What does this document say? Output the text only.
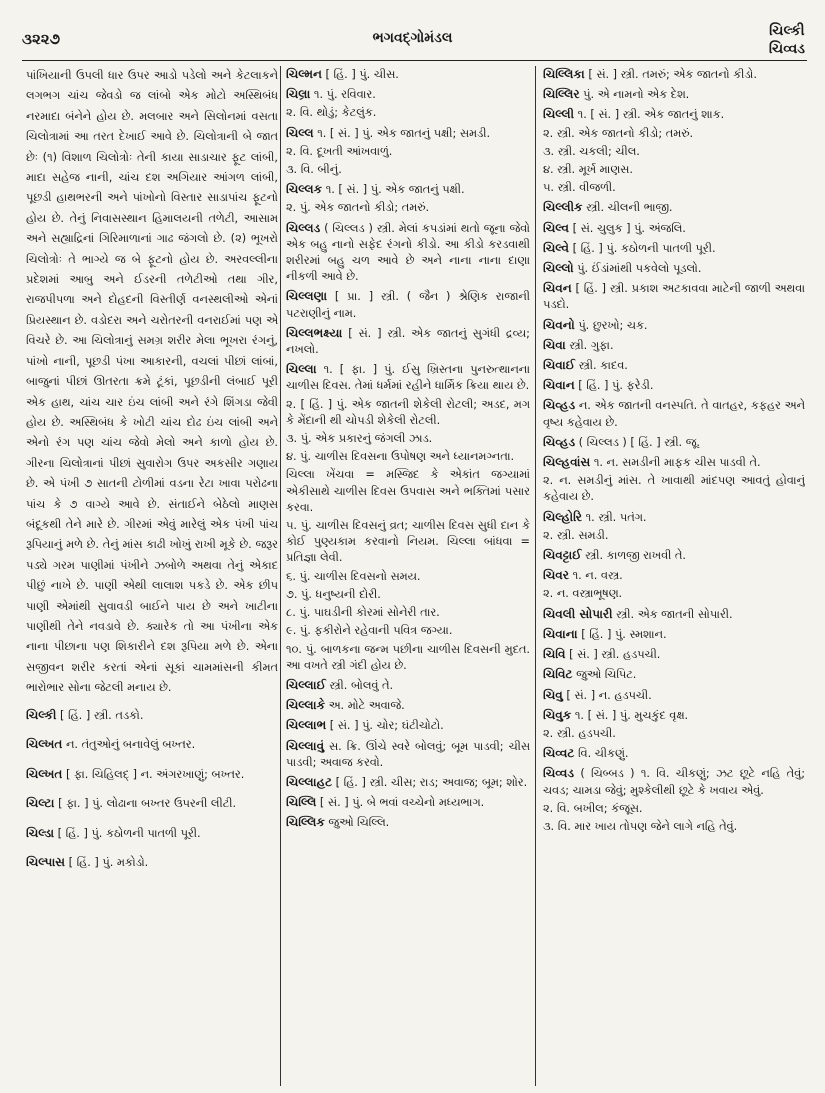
૩૨૨૭	ભગવદ્ગોમંડલ	ચિલ્કી
ચિવ્વડ

પાંખિયાની ઉપલી ધાર ઉપર આડો પડેલો અને કેટલાકને લગભગ ચાંચ જેવડો જ લાંબો એક મોટો અસ્થિબંધ નરમાદા બંનેને હોય છે. મલબાર અને સિલોનમાં વસતા ચિલોત્રામાં આ તરત દેખાઈ આવે છે. ચિલોત્રાની બે જાત છેઃ (૧) વિશાળ ચિલોત્રોઃ તેની કાયા સાડાચાર ફૂટ લાંબી, માદા સહેજ નાની, ચાંચ દશ અગિયાર આંગળ લાંબી, પૂછડી હાથભરની અને પાંખોનો વિસ્તાર સાડાપાંચ ફૂટનો હોય છે. તેનું નિવાસસ્થાન હિમાલયની તળેટી, આસામ અને સહ્યાદ્રિનાં ગિરિમાળાનાં ગાઢ જંગલો છે. (૨) ભૂખરો ચિલોત્રોઃ તે ભાગ્યે જ બે ફૂટનો હોય છે. અરવલ્લીના પ્રદેશમાં આબુ અને ઈડરની તળેટીઓ તથા ગીર, રાજપીપળા અને દોહદની વિસ્તીર્ણ વનસ્થલીઓ એનાં પ્રિયસ્થાન છે. વડોદરા અને ચરોતરની વનરાઈમાં પણ એ વિચરે છે. આ ચિલોત્રાનું સમગ્ર શરીર મેલા ભૂખરા રંગનું, પાંખો નાની, પૂછડી પંખા આકારની, વચલાં પીછાં લાંબાં, બાજુનાં પીછાં ઊતરતા ક્રમે ટૂંકાં, પૂછડીની લંબાઈ પૂરી એક હાથ, ચાંચ ચાર ઇંચ લાંબી અને રંગે શિંગડા જેવી હોય છે. અસ્થિબંધ કે ખોટી ચાંચ દોઢ ઇંચ લાંબી અને એનો રંગ પણ ચાંચ જેવો મેલો અને કાળો હોય છે. ગીરના ચિલોત્રાનાં પીછાં સુવારોગ ઉપર અકસીર ગણાય છે. એ પંખી ૭ સાતની ટોળીમાં વડના રેટા ખાવા પરોઢના પાંચ કે ૭ વાગ્યે આવે છે. સંતાઈને બેઠેલો માણસ બંદૂકથી તેને મારે છે. ગીરમાં એવું મારેલું એક પંખી પાંચ રૂપિયાનું મળે છે. તેનું માંસ કાઢી ખોખું રાખી મૂકે છે. જરૂર પડ્યે ગરમ પાણીમાં પંખીને ઝબોળે અથવા તેનું એકાદ પીછું નાખે છે. પાણી એથી લાલાશ પકડે છે. એક છીપ પાણી એમાંથી સુવાવડી બાઈને પાય છે અને ખાટીના પાણીથી તેને નવડાવે છે. ક્યારેક તો આ પંખીના એક નાના પીછાના પણ શિકારીને દશ રૂપિયા મળે છે. એના સજીવન શરીર કરતાં એનાં સૂકાં ચામમાંસની કીમત ભારોભાર સોના જેટલી મનાય છે.

ચિલ્કી [ હિં. ] સ્ત્રી. તડકો.

ચિલ્ખત ન. તંતુઓનું બનાવેલું બખ્તર.

ચિલ્ખત [ ફા. ચિહિલદ્ ] ન. અંગરખાણું; બખ્તર.

ચિલ્ટા [ ફા. ] પું. લોઢાના બખ્તર ઉપરની લીટી.

ચિલ્ડા [ હિં. ] પું. કઠોળની પાતળી પૂરી.

ચિલ્પાસ [ હિં. ] પું. મકોડો.

ચિલ્મન [ હિં. ] પું. ચીસ.

ચિલ્રા ૧. પું. રવિવાર.

૨. વિ. થોડું; કેટલુંક.

ચિલ્લ ૧. [ સં. ] પું. એક જાતનું પક્ષી; સમડી.

૨. વિ. દૂખતી આંખવાળું.

૩. વિ. બીનું.

ચિલ્લક ૧. [ સં. ] પું. એક જાતનું પક્ષી.

૨. પું. એક જાતનો કીડો; તમરું.

ચિલ્લડ ( ચિલ્લડ ) સ્ત્રી. મેલાં કપડાંમાં થતો જૂના જેવો એક બહુ નાનો સફેદ રંગનો કીડો. આ કીડો કરડવાથી શરીરમાં બહુ ચળ આવે છે અને નાના નાના દાણા નીકળી આવે છે.

ચિલ્લણા [ પ્રા. ] સ્ત્રી. ( જૈન ) શ્રેણિક રાજાની પટરાણીનું નામ.

ચિલ્લભક્ષ્યા [ સં. ] સ્ત્રી. એક જાતનું સુગંધી દ્રવ્ય; નખલો.

ચિલ્લા ૧. [ ફા. ] પું. ઈસુ ખ્રિસ્તના પુનરુત્થાનના ચાળીસ દિવસ. તેમાં ધર્મમાં રહીને ધાર્મિક ક્રિયા થાય છે.

૨. [ હિં. ] પું. એક જાતની શેકેલી રોટલી; અડદ, મગ કે મેંદાની થી ચોપડી શેકેલી રોટલી.

૩. પું. એક પ્રકારનું જંગલી ઝાડ.

૪. પું. ચાળીસ દિવસના ઉપોષણ અને ધ્યાનમગ્નતા.

ચિલ્લા ખેંચવા = મસ્જિદ કે એકાંત જગ્યામાં એકીસાથે ચાળીસ દિવસ ઉપવાસ અને ભક્તિમાં પસાર કરવા.

૫. પું. ચાળીસ દિવસનું વ્રત; ચાળીસ દિવસ સુધી દાન કે કોઈ પુણ્યકામ કરવાનો નિયમ. ચિલ્લા બાંધવા = પ્રતિજ્ઞા લેવી.

૬. પું. ચાળીસ દિવસનો સમય.

૭. પું. ધનુષ્યની દોરી.

૮. પું. પાઘડીની કોરમાં સોનેરી તાર.

૯. પું. ફકીરોને રહેવાની પવિત્ર જગ્યા.

૧૦. પું. બાળકના જન્મ પછીના ચાળીસ દિવસની મુદત. આ વખતે સ્ત્રી ગંદી હોય છે.

ચિલ્લાઈ સ્ત્રી. બોલવું તે.

ચિલ્લાકે અ. મોટે અવાજે.

ચિલ્લાભ [ સં. ] પું. ચોર; ઘંટીચોટો.

ચિલ્લાવું સ. ક્રિ. ઊંચે સ્વરે બોલવું; બૂમ પાડવી; ચીસ પાડવી; અવાજ કરવો.

ચિલ્લાહટ [ હિં. ] સ્ત્રી. ચીસ; રાડ; અવાજ; બૂમ; શોર.

ચિલ્લિ [ સં. ] પું. બે ભવાં વચ્ચેનો મધ્યભાગ.

ચિલ્લિક જુઓ ચિલ્લિ.

ચિલ્લિકા [ સં. ] સ્ત્રી. તમરું; એક જાતનો કીડો.

ચિલ્લિર પું. એ નામનો એક દેશ.

ચિલ્લી ૧. [ સં. ] સ્ત્રી. એક જાતનું શાક.

૨. સ્ત્રી. એક જાતનો કીડો; તમરું.

૩. સ્ત્રી. ચકલી; ચીલ.

૪. સ્ત્રી. મૂર્ખ માણસ.

૫. સ્ત્રી. વીજળી.

ચિલ્લીક સ્ત્રી. ચીલની ભાજી.

ચિલ્વ [ સં. ચુલુક ] પું. અંજલિ.

ચિલ્વે [ હિં. ] પું. કઠોળની પાતળી પૂરી.

ચિલ્લો પું. ઈંડાંમાંથી પકવેલો પૂડલો.

ચિવન [ હિં. ] સ્ત્રી. પ્રકાશ અટકાવવા માટેની જાળી અથવા પડદો.

ચિવનો પું. છુરખો; ચક.

ચિવા સ્ત્રી. ગુફા.

ચિવાઈ સ્ત્રી. કાદવ.

ચિવાન [ હિં. ] પું. ફરેડી.

ચિવ્હડ ન. એક જાતની વનસ્પતિ. તે વાતહર, કફહર અને વૃષ્ય કહેવાય છે.

ચિવ્હડ ( ચિલ્લડ ) [ હિં. ] સ્ત્રી. જૂ.

ચિલ્હવાંસ ૧. ન. સમડીની માફક ચીસ પાડવી તે.

૨. ન. સમડીનું માંસ. તે ખાવાથી માંદપણ આવતું હોવાનું કહેવાય છે.

ચિલ્હોરિ ૧. સ્ત્રી. પતંગ.

૨. સ્ત્રી. સમડી.

ચિવટ્ટાઈ સ્ત્રી. કાળજી રાખવી તે.

ચિવર ૧. ન. વસ્ત્ર.

૨. ન. વસ્ત્રાભૂષણ.

ચિવલી સોપારી સ્ત્રી. એક જાતની સોપારી.

ચિવાના [ હિં. ] પું. સ્મશાન.

ચિવિ [ સં. ] સ્ત્રી. હડપચી.

ચિવિટ જુઓ ચિપિટ.

ચિવુ [ સં. ] ન. હડપચી.

ચિવુક ૧. [ સં. ] પું. મુચકુંદ વૃક્ષ.

૨. સ્ત્રી. હડપચી.

ચિવ્વટ વિ. ચીકણું.

ચિવ્વડ ( ચિબ્બડ ) ૧. વિ. ચીકણું; ઝટ છૂટે નહિ તેવું; ચવડ; ચામડા જેવું; મુશ્કેલીથી છૂટે કે ખવાય એવું.

૨. વિ. બખીલ; કંજૂસ.

૩. વિ. માર ખાય તોપણ જેને લાગે નહિ તેવું.
